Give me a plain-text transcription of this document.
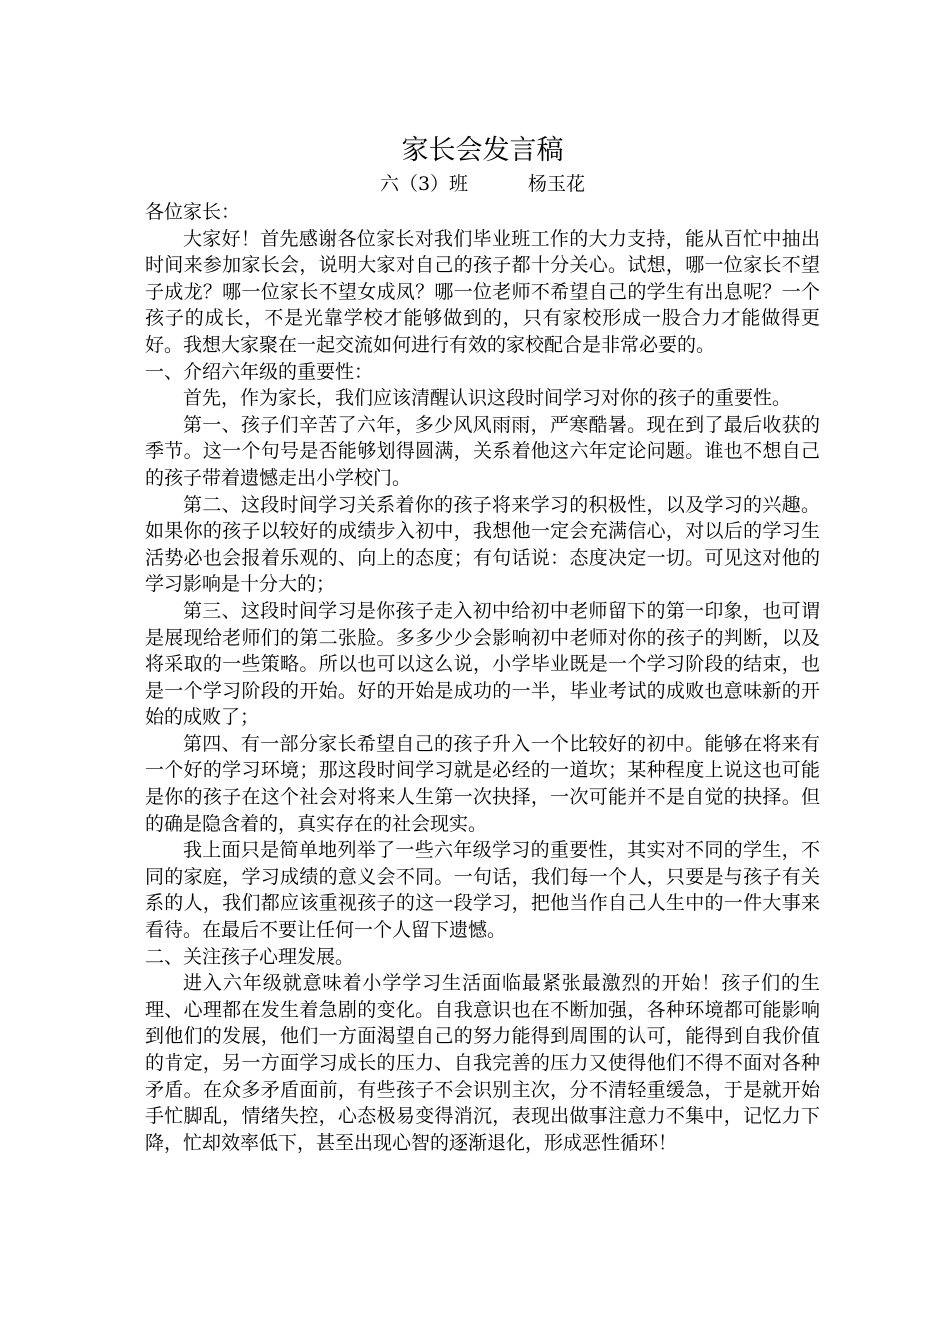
家长会发言稿
六（3）班	杨玉花

各位家长：

大家好！首先感谢各位家长对我们毕业班工作的大力支持，能从百忙中抽出时间来参加家长会，说明大家对自己的孩子都十分关心。试想，哪一位家长不望子成龙？哪一位家长不望女成凤？哪一位老师不希望自己的学生有出息呢？一个孩子的成长，不是光靠学校才能够做到的，只有家校形成一股合力才能做得更好。我想大家聚在一起交流如何进行有效的家校配合是非常必要的。

一、介绍六年级的重要性：

首先，作为家长，我们应该清醒认识这段时间学习对你的孩子的重要性。

第一、孩子们辛苦了六年，多少风风雨雨，严寒酷暑。现在到了最后收获的季节。这一个句号是否能够划得圆满，关系着他这六年定论问题。谁也不想自己的孩子带着遗憾走出小学校门。

第二、这段时间学习关系着你的孩子将来学习的积极性，以及学习的兴趣。如果你的孩子以较好的成绩步入初中，我想他一定会充满信心，对以后的学习生活势必也会报着乐观的、向上的态度；有句话说：态度决定一切。可见这对他的学习影响是十分大的；

第三、这段时间学习是你孩子走入初中给初中老师留下的第一印象，也可谓是展现给老师们的第二张脸。多多少少会影响初中老师对你的孩子的判断，以及将采取的一些策略。所以也可以这么说，小学毕业既是一个学习阶段的结束，也是一个学习阶段的开始。好的开始是成功的一半，毕业考试的成败也意味新的开始的成败了；

第四、有一部分家长希望自己的孩子升入一个比较好的初中。能够在将来有一个好的学习环境；那这段时间学习就是必经的一道坎；某种程度上说这也可能是你的孩子在这个社会对将来人生第一次抉择，一次可能并不是自觉的抉择。但的确是隐含着的，真实存在的社会现实。

我上面只是简单地列举了一些六年级学习的重要性，其实对不同的学生，不同的家庭，学习成绩的意义会不同。一句话，我们每一个人，只要是与孩子有关系的人，我们都应该重视孩子的这一段学习，把他当作自己人生中的一件大事来看待。在最后不要让任何一个人留下遗憾。

二、关注孩子心理发展。

进入六年级就意味着小学学习生活面临最紧张最激烈的开始！孩子们的生理、心理都在发生着急剧的变化。自我意识也在不断加强，各种环境都可能影响到他们的发展，他们一方面渴望自己的努力能得到周围的认可，能得到自我价值的肯定，另一方面学习成长的压力、自我完善的压力又使得他们不得不面对各种矛盾。在众多矛盾面前，有些孩子不会识别主次，分不清轻重缓急，于是就开始手忙脚乱，情绪失控，心态极易变得消沉，表现出做事注意力不集中，记忆力下降，忙却效率低下，甚至出现心智的逐渐退化，形成恶性循环！
